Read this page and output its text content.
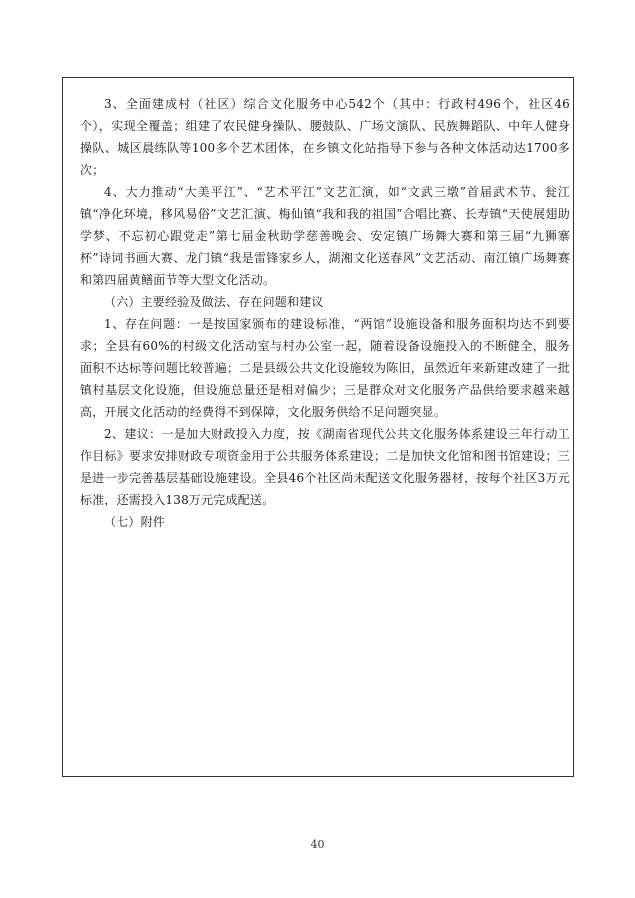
3、全面建成村（社区）综合文化服务中心542个（其中：行政村496个，社区46个），实现全覆盖；组建了农民健身操队、腰鼓队、广场文演队、民族舞蹈队、中年人健身操队、城区晨练队等100多个艺术团体，在乡镇文化站指导下参与各种文体活动达1700多次；

4、大力推动“大美平江”、“艺术平江”文艺汇演，如“文武三墩”首届武术节、瓮江镇“净化环境，移风易俗”文艺汇演、梅仙镇“我和我的祖国”合唱比赛、长寿镇“天使展翅助学梦、不忘初心跟党走”第七届金秋助学慈善晚会、安定镇广场舞大赛和第三届“九狮寨杯”诗词书画大赛、龙门镇“我是雷锋家乡人，湖湘文化送春风”文艺活动、南江镇广场舞赛和第四届黄鳝面节等大型文化活动。

（六）主要经验及做法、存在问题和建议

1、存在问题：一是按国家颁布的建设标准，“两馆”设施设备和服务面积均达不到要求；全县有60%的村级文化活动室与村办公室一起，随着设备设施投入的不断健全，服务面积不达标等问题比较普遍；二是县级公共文化设施较为陈旧，虽然近年来新建改建了一批镇村基层文化设施，但设施总量还是相对偏少；三是群众对文化服务产品供给要求越来越高，开展文化活动的经费得不到保障，文化服务供给不足问题突显。

2、建议：一是加大财政投入力度，按《湖南省现代公共文化服务体系建设三年行动工作目标》要求安排财政专项资金用于公共服务体系建设；二是加快文化馆和图书馆建设；三是进一步完善基层基础设施建设。全县46个社区尚未配送文化服务器材，按每个社区3万元标准，还需投入138万元完成配送。

（七）附件

40
